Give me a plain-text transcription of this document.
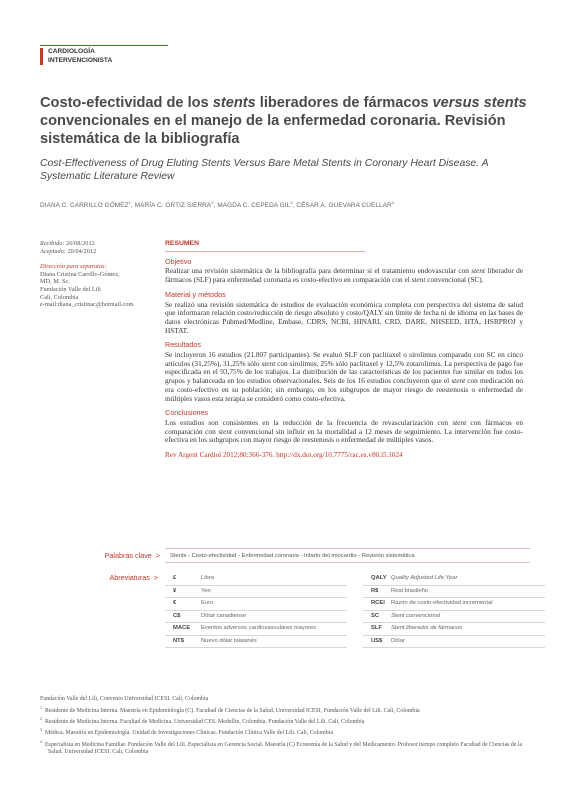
CARDIOLOGÍA
INTERVENCIONISTA
Costo-efectividad de los stents liberadores de fármacos versus stents convencionales en el manejo de la enfermedad coronaria. Revisión sistemática de la bibliografía
Cost-Effectiveness of Drug Eluting Stents Versus Bare Metal Stents in Coronary Heart Disease. A Systematic Literature Review
DIANA C. CARRILLO GÓMEZ$^1$, MARÍA C. ORTIZ SIERRA$^2$, MAGDA C. CEPEDA GIL$^3$, CÉSAR A. GUEVARA CUELLAR$^4$
Recibido: 26/08/2012
Aceptado: 20/04/2012
Dirección para separatas:
Diana Cristina Carrillo-Gómez,
MD, M. Sc.
Fundación Valle del Lili
Cali, Colombia
e-mail:diana_cristinac@hotmail.com
RESUMEN
Objetivo

Realizar una revisión sistemática de la bibliografía para determinar si el tratamiento endovascular con stent liberador de fármacos (SLF) para enfermedad coronaria es costo-efectivo en comparación con el stent convencional (SC).

Material y métodos

Se realizó una revisión sistemática de estudios de evaluación económica completa con perspectiva del sistema de salud que informaran relación costo/reducción de riesgo absoluto y costo/QALY sin límite de fecha ni de idioma en las bases de datos electrónicas Pubmed/Medline, Embase, CDRS, NCBI, HINARI, CRD, DARE, NHSEED, HTA, HSRPROJ y HSTAT.

Resultados

Se incluyeron 16 estudios (21.807 participantes). Se evaluó SLF con paclitaxel o sirolimus comparado con SC en cinco artículos (31,25%), 31,25% sólo stent con sirolimus, 25% sólo paclitaxel y 12,5% zotarolimus. La perspectiva de pago fue especificada en el 93,75% de los trabajos. La distribución de las características de los pacientes fue similar en todos los grupos y balanceada en los estudios observacionales. Seis de los 16 estudios concluyeron que el stent con medicación no era costo-efectivo en su población; sin embargo, en los subgrupos de mayor riesgo de reestenosis o enfermedad de múltiples vasos esta terapia se consideró como costo-efectiva.

Conclusiones

Los estudios son consistentes en la reducción de la frecuencia de revascularización con stent con fármacos en comparación con stent convencional sin influir en la mortalidad a 12 meses de seguimiento. La intervención fue costo-efectiva en los subgrupos con mayor riesgo de reestenosis o enfermedad de múltiples vasos.

Rev Argent Cardiol 2012;80:366-376. http://dx.doi.org/10.7775/rac.es.v80.i5.1024
Palabras clave > Stents - Costo-efectividad - Enfermedad coronaria - Infarto del miocardio - Revisión sistemática
Abreviaturas >	£	Libra
¥	Yen
€	Euro
C$	Dólar canadiense
MACE Eventos adversos cardiovasculares mayores
NT$	Nuevo dólar taiwanés
QALY Quality Adjusted Life Year
R$ Real brasileño
RCEI Razón de costo-efectividad incremental
SC Stent convencional
SLF Stent liberador de fármacos
US$ Dólar
Fundación Valle del Lili, Convenio Universidad ICESI. Cali, Colombia
$^1$  Residente de Medicina Interna. Maestría en Epidemiología (C). Facultad de Ciencias de la Salud. Universidad ICESI, Fundación Valle del Lili. Cali, Colombia
$^2$  Residente de Medicina Interna. Facultad de Medicina. Universidad CES. Medellín, Colombia. Fundación Valle del Lili. Cali, Colombia
$^3$  Médica. Maestría en Epidemiología. Unidad de Investigaciones Clínicas. Fundación Clínica Valle del Lili. Cali, Colombia
$^4$  Especialista en Medicina Familiar. Fundación Valle del Lili. Especialista en Gerencia Social. Maestría (C) Economía de la Salud y del Medicamento. Profesor tiempo completo Facultad de Ciencias de la Salud. Universidad ICESI. Cali, Colombia
